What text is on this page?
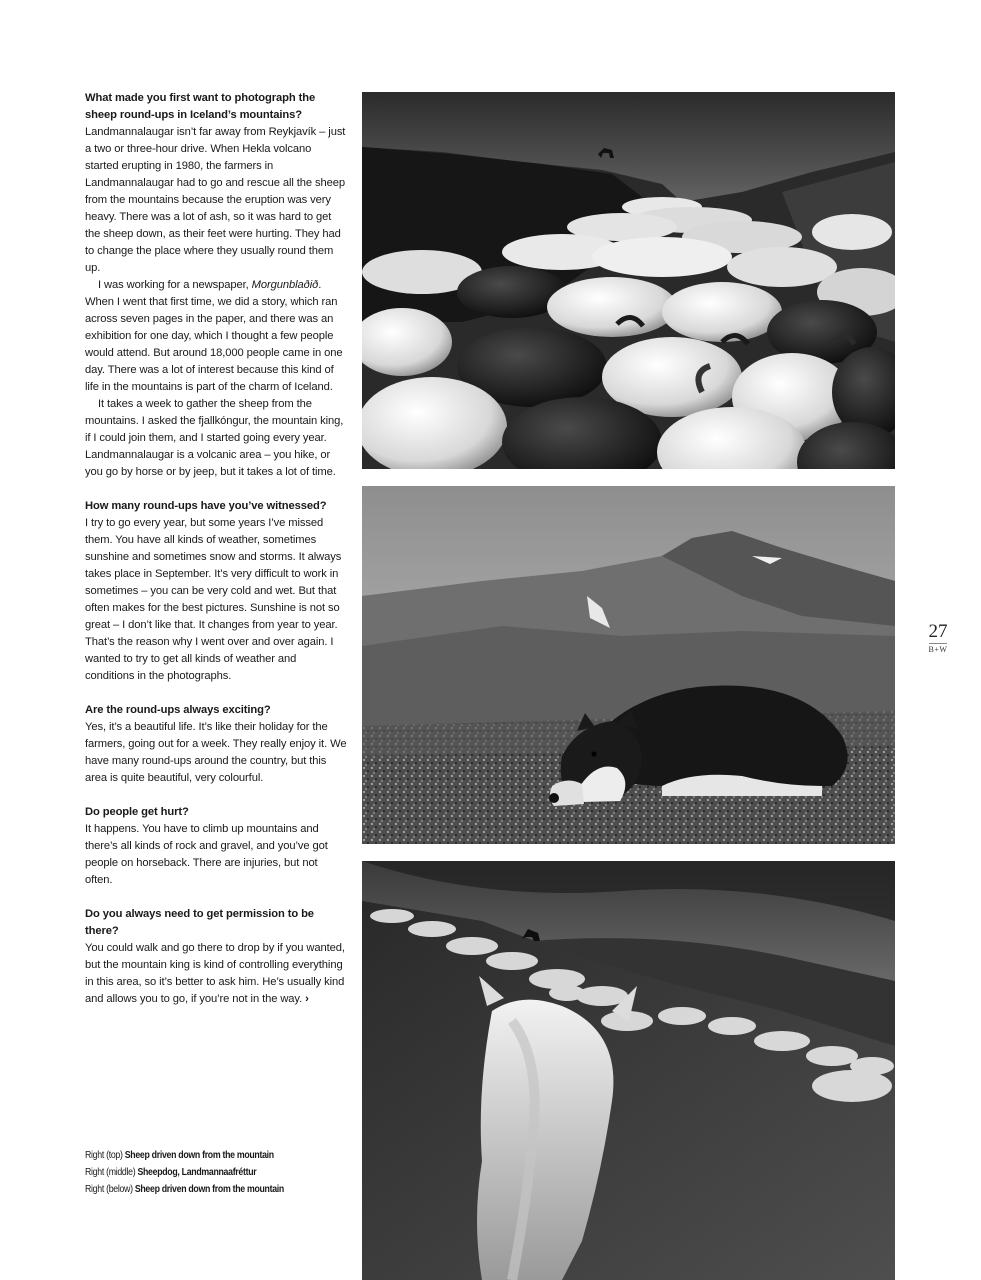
What made you first want to photograph the sheep round-ups in Iceland’s mountains?

Landmannalaugar isn’t far away from Reykjavík – just a two or three-hour drive. When Hekla volcano started erupting in 1980, the farmers in Landmannalaugar had to go and rescue all the sheep from the mountains because the eruption was very heavy. There was a lot of ash, so it was hard to get the sheep down, as their feet were hurting. They had to change the place where they usually round them up.

I was working for a newspaper, Morgunblaðið. When I went that first time, we did a story, which ran across seven pages in the paper, and there was an exhibition for one day, which I thought a few people would attend. But around 18,000 people came in one day. There was a lot of interest because this kind of life in the mountains is part of the charm of Iceland.

It takes a week to gather the sheep from the mountains. I asked the fjallkóngur, the mountain king, if I could join them, and I started going every year. Landmannalaugar is a volcanic area – you hike, or you go by horse or by jeep, but it takes a lot of time.

How many round-ups have you’ve witnessed?

I try to go every year, but some years I’ve missed them. You have all kinds of weather, sometimes sunshine and sometimes snow and storms. It always takes place in September. It’s very difficult to work in sometimes – you can be very cold and wet. But that often makes for the best pictures. Sunshine is not so great – I don’t like that. It changes from year to year. That’s the reason why I went over and over again. I wanted to try to get all kinds of weather and conditions in the photographs.

Are the round-ups always exciting?

Yes, it’s a beautiful life. It’s like their holiday for the farmers, going out for a week. They really enjoy it. We have many round-ups around the country, but this area is quite beautiful, very colourful.

Do people get hurt?

It happens. You have to climb up mountains and there’s all kinds of rock and gravel, and you’ve got people on horseback. There are injuries, but not often.

Do you always need to get permission to be there?

You could walk and go there to drop by if you wanted, but the mountain king is kind of controlling everything in this area, so it’s better to ask him. He’s usually kind and allows you to go, if you’re not in the way. ›

Right (top) Sheep driven down from the mountain
Right (middle) Sheepdog, Landmannaafréttur
Right (below) Sheep driven down from the mountain
27
B+W
